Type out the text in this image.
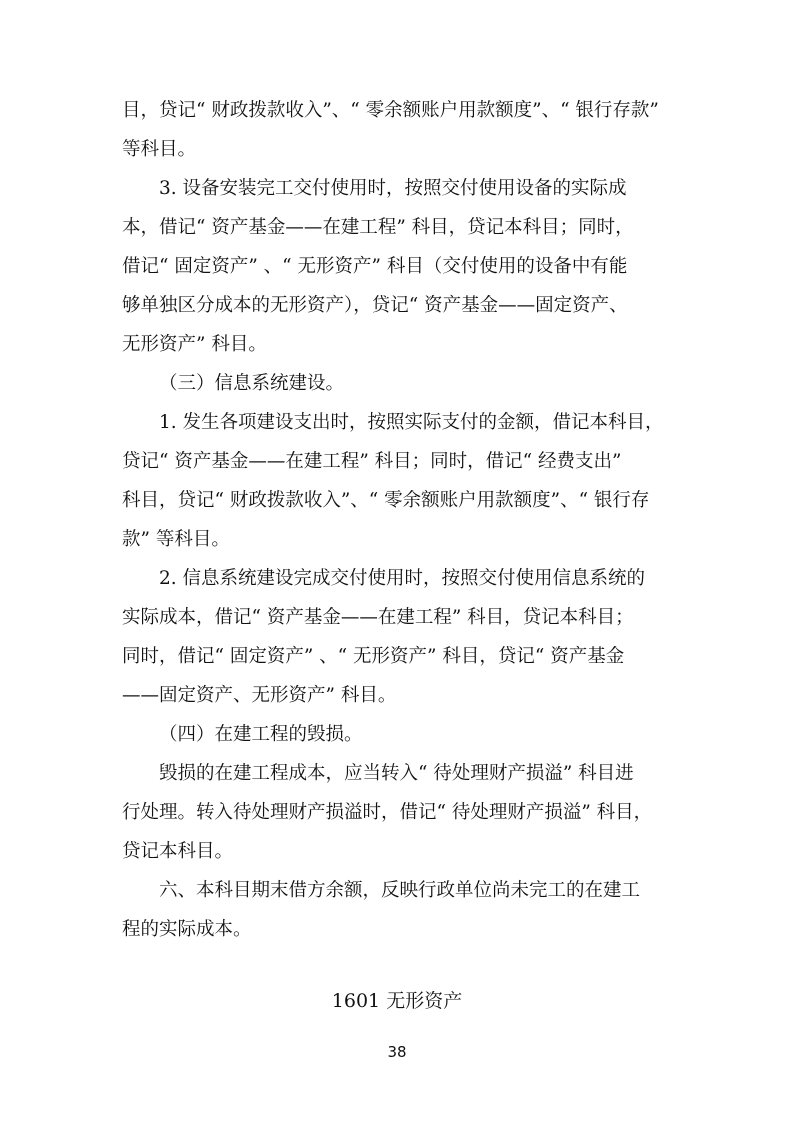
目，贷记“ 财政拨款收入”、“ 零余额账户用款额度”、“ 银行存款”
等科目。
3. 设备安装完工交付使用时，按照交付使用设备的实际成
本，借记“ 资产基金——在建工程” 科目，贷记本科目；同时，
借记“ 固定资产” 、“ 无形资产” 科目（交付使用的设备中有能
够单独区分成本的无形资产），贷记“ 资产基金——固定资产、
无形资产” 科目。
（三）信息系统建设。
1. 发生各项建设支出时，按照实际支付的金额，借记本科目，
贷记“ 资产基金——在建工程” 科目；同时，借记“ 经费支出”
科目，贷记“ 财政拨款收入”、“ 零余额账户用款额度”、“ 银行存
款” 等科目。
2. 信息系统建设完成交付使用时，按照交付使用信息系统的
实际成本，借记“ 资产基金——在建工程” 科目，贷记本科目；
同时，借记“ 固定资产” 、“ 无形资产” 科目，贷记“ 资产基金
——固定资产、无形资产” 科目。
（四）在建工程的毁损。
毁损的在建工程成本，应当转入“ 待处理财产损溢” 科目进
行处理。转入待处理财产损溢时，借记“ 待处理财产损溢” 科目，
贷记本科目。
六、本科目期末借方余额，反映行政单位尚未完工的在建工
程的实际成本。
1601 无形资产
38
